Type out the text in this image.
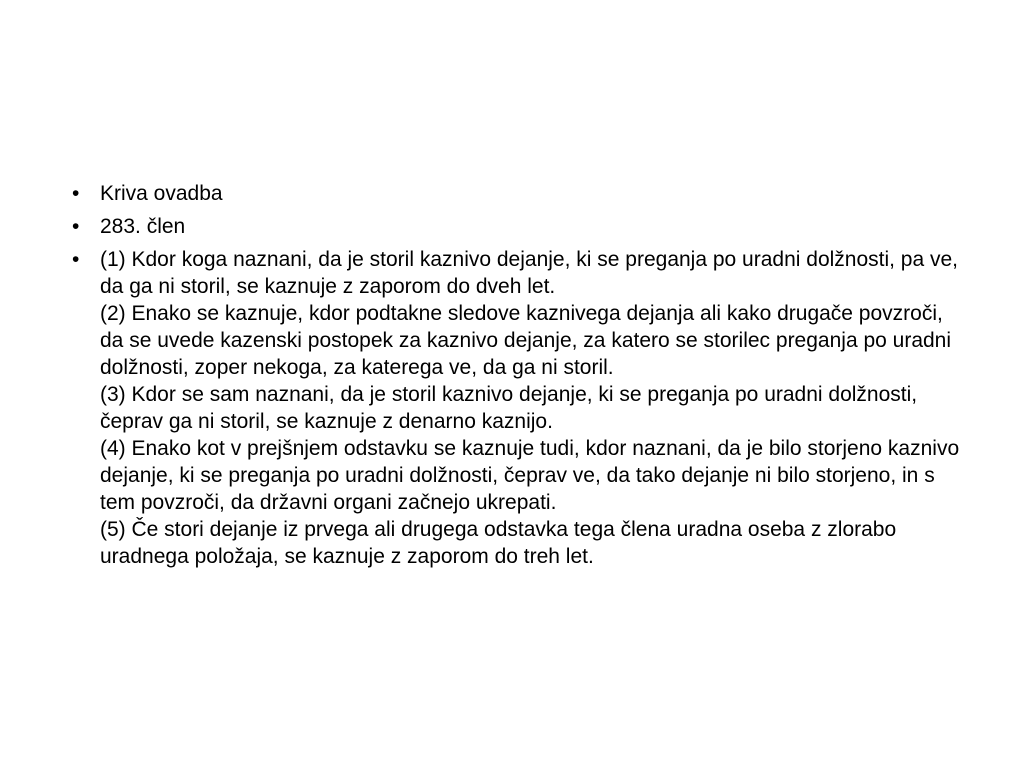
• Kriva ovadba
• 283. člen
• (1) Kdor koga naznani, da je storil kaznivo dejanje, ki se preganja po uradni dolžnosti, pa ve, da ga ni storil, se kaznuje z zaporom do dveh let.
(2) Enako se kaznuje, kdor podtakne sledove kaznivega dejanja ali kako drugače povzroči, da se uvede kazenski postopek za kaznivo dejanje, za katero se storilec preganja po uradni dolžnosti, zoper nekoga, za katerega ve, da ga ni storil.
(3) Kdor se sam naznani, da je storil kaznivo dejanje, ki se preganja po uradni dolžnosti, čeprav ga ni storil, se kaznuje z denarno kaznijo.
(4) Enako kot v prejšnjem odstavku se kaznuje tudi, kdor naznani, da je bilo storjeno kaznivo dejanje, ki se preganja po uradni dolžnosti, čeprav ve, da tako dejanje ni bilo storjeno, in s tem povzroči, da državni organi začnejo ukrepati.
(5) Če stori dejanje iz prvega ali drugega odstavka tega člena uradna oseba z zlorabo uradnega položaja, se kaznuje z zaporom do treh let.
